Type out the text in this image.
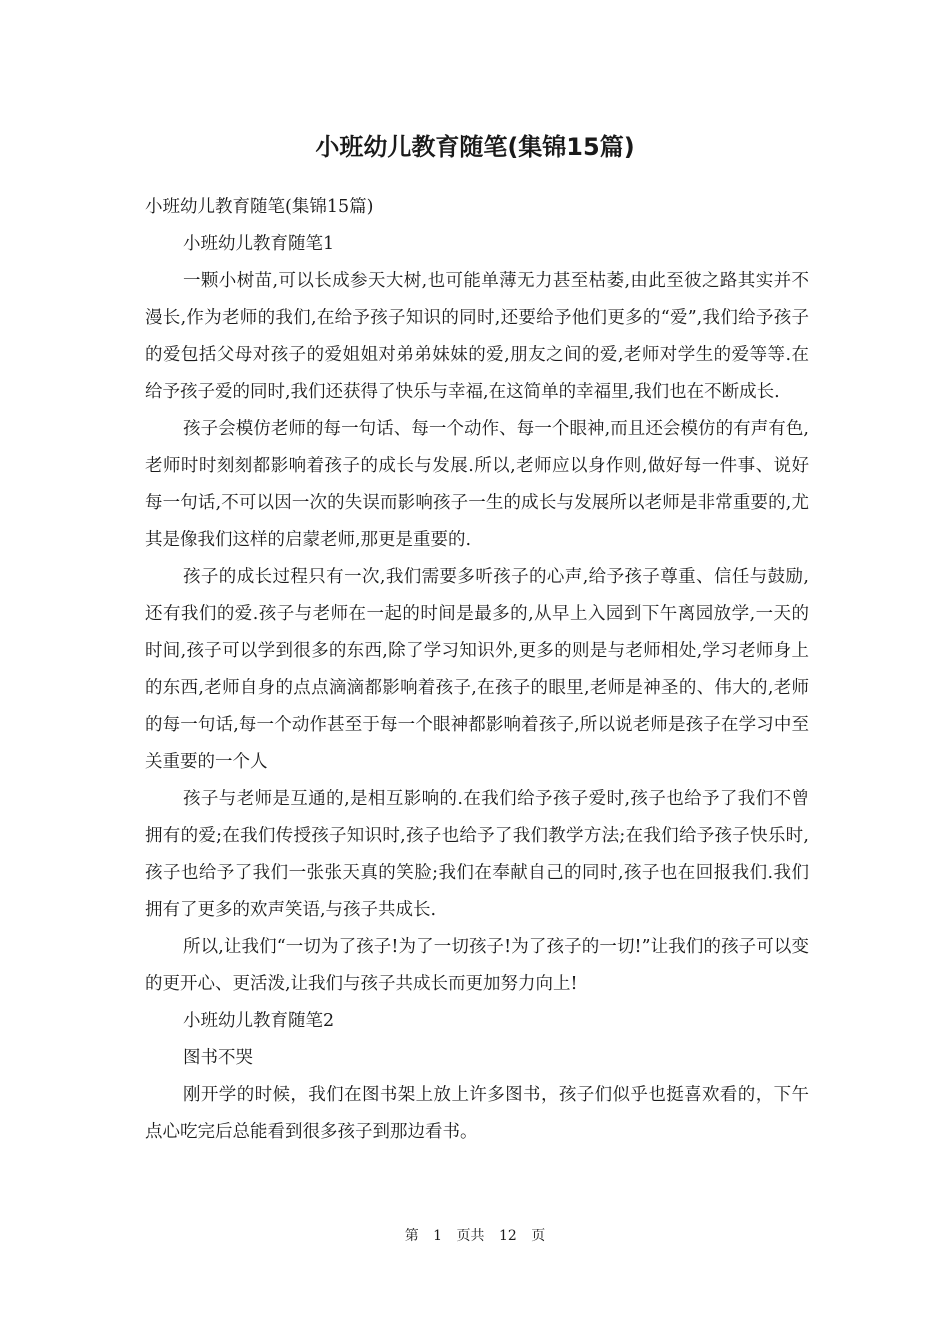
小班幼儿教育随笔(集锦15篇)

小班幼儿教育随笔(集锦15篇)

小班幼儿教育随笔1

一颗小树苗,可以长成参天大树,也可能单薄无力甚至枯萎,由此至彼之路其实并不漫长,作为老师的我们,在给予孩子知识的同时,还要给予他们更多的“爱”,我们给予孩子的爱包括父母对孩子的爱姐姐对弟弟妹妹的爱,朋友之间的爱,老师对学生的爱等等.在给予孩子爱的同时,我们还获得了快乐与幸福,在这简单的幸福里,我们也在不断成长.

孩子会模仿老师的每一句话、每一个动作、每一个眼神,而且还会模仿的有声有色,老师时时刻刻都影响着孩子的成长与发展.所以,老师应以身作则,做好每一件事、说好每一句话,不可以因一次的失误而影响孩子一生的成长与发展所以老师是非常重要的,尤其是像我们这样的启蒙老师,那更是重要的.

孩子的成长过程只有一次,我们需要多听孩子的心声,给予孩子尊重、信任与鼓励,还有我们的爱.孩子与老师在一起的时间是最多的,从早上入园到下午离园放学,一天的时间,孩子可以学到很多的东西,除了学习知识外,更多的则是与老师相处,学习老师身上的东西,老师自身的点点滴滴都影响着孩子,在孩子的眼里,老师是神圣的、伟大的,老师的每一句话,每一个动作甚至于每一个眼神都影响着孩子,所以说老师是孩子在学习中至关重要的一个人

孩子与老师是互通的,是相互影响的.在我们给予孩子爱时,孩子也给予了我们不曾拥有的爱;在我们传授孩子知识时,孩子也给予了我们教学方法;在我们给予孩子快乐时,孩子也给予了我们一张张天真的笑脸;我们在奉献自己的同时,孩子也在回报我们.我们拥有了更多的欢声笑语,与孩子共成长.

所以,让我们“一切为了孩子!为了一切孩子!为了孩子的一切!”让我们的孩子可以变的更开心、更活泼,让我们与孩子共成长而更加努力向上!

小班幼儿教育随笔2

图书不哭

刚开学的时候，我们在图书架上放上许多图书，孩子们似乎也挺喜欢看的，下午点心吃完后总能看到很多孩子到那边看书。

第 1 页共 12 页
